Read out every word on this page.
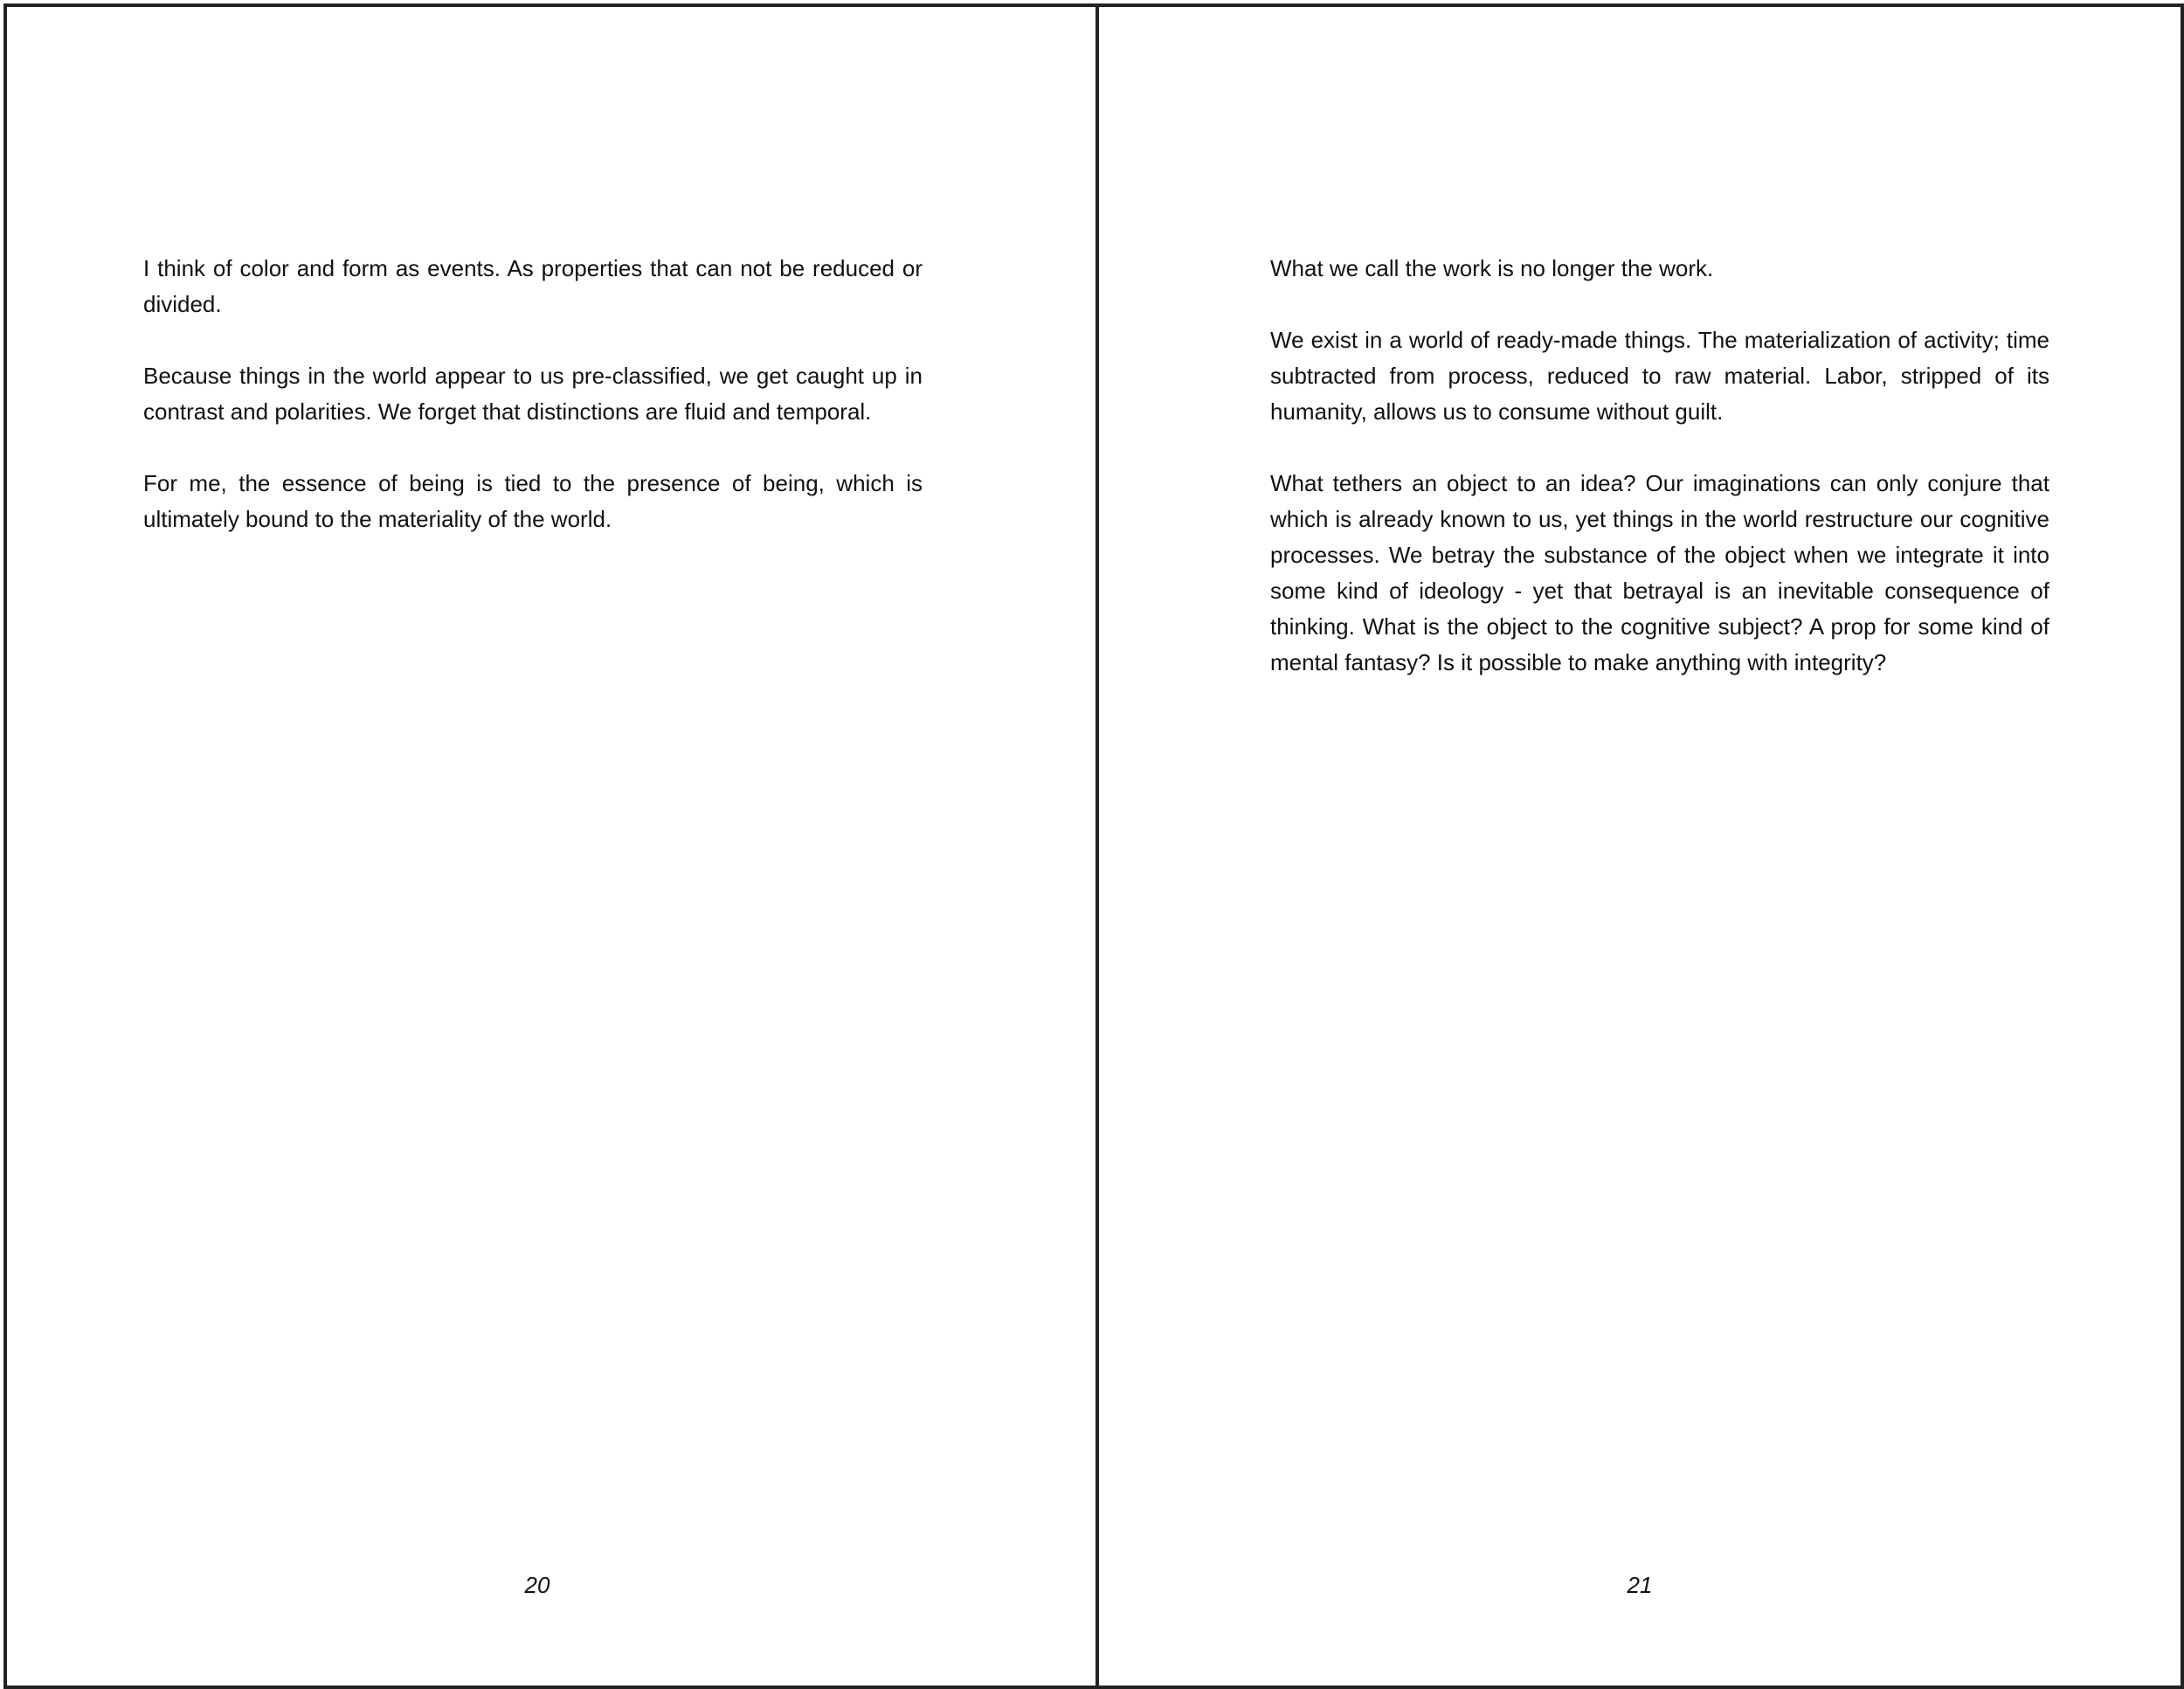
I think of color and form as events. As properties that can not be reduced or divided.

Because things in the world appear to us pre-classified, we get caught up in contrast and polarities. We forget that distinctions are fluid and temporal.

For me, the essence of being is tied to the presence of being, which is ultimately bound to the materiality of the world.

20

What we call the work is no longer the work.

We exist in a world of ready-made things. The materialization of activity; time subtracted from process, reduced to raw material. Labor, stripped of its humanity, allows us to consume without guilt.

What tethers an object to an idea? Our imaginations can only conjure that which is already known to us, yet things in the world restructure our cognitive processes. We betray the substance of the object when we integrate it into some kind of ideology - yet that betrayal is an inevitable consequence of thinking. What is the object to the cognitive subject? A prop for some kind of mental fantasy? Is it possible to make anything with integrity?

21
